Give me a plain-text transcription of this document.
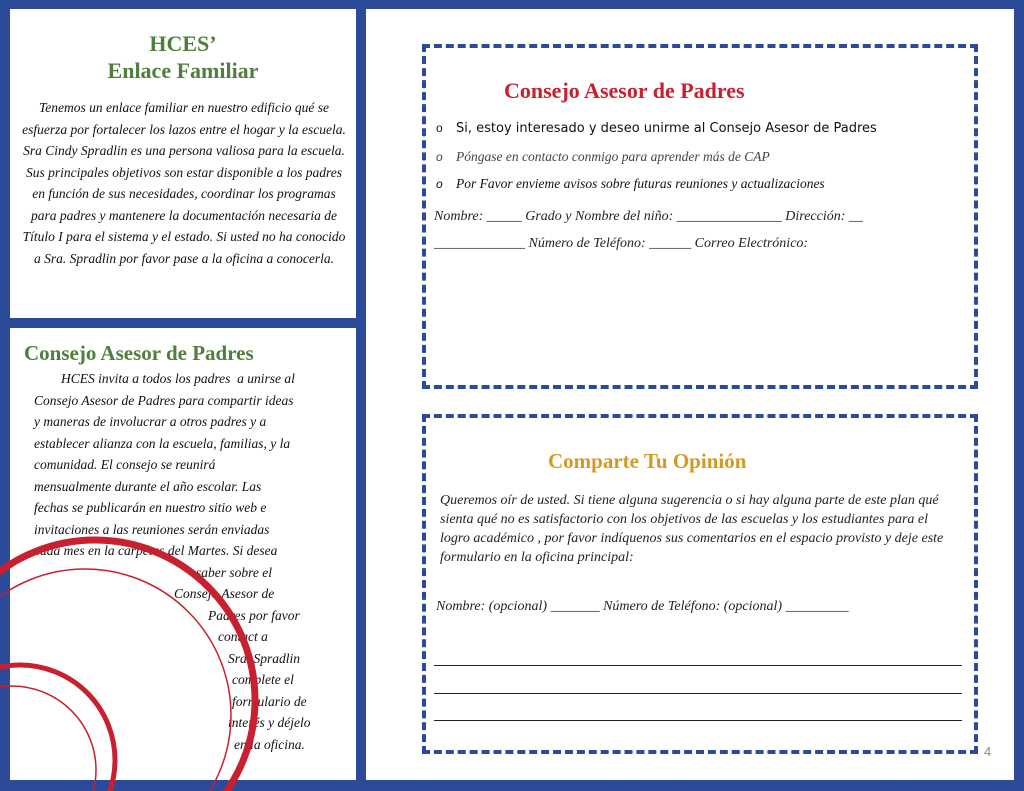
HCES’
Enlace Familiar
Tenemos un enlace familiar en nuestro edificio qué se esfuerza por fortalecer los lazos entre el hogar y la escuela. Sra Cindy Spradlin es una persona valiosa para la escuela. Sus principales objetivos son estar disponible a los padres en función de sus necesidades, coordinar los programas para padres y mantenere la documentación necesaria de Título I para el sistema y el estado. Si usted no ha conocido a Sra. Spradlin por favor pase a la oficina a conocerla.
Consejo Asesor de Padres
HCES invita a todos los padres  a unirse al
Consejo Asesor de Padres para compartir ideas
y maneras de involucrar a otros padres y a
establecer alianza con la escuela, familias, y la
comunidad. El consejo se reunirá
mensualmente durante el año escolar. Las
fechas se publicarán en nuestro sitio web e
invitaciones a las reuniones serán enviadas
cada mes en la carpetas del Martes. Si desea
saber sobre el
Consejo Asesor de
Padres por favor
contact a
Sra. Spradlin
complete el
formulario de
interés y déjelo
en la oficina.
Consejo Asesor de Padres
o Si, estoy interesado y deseo unirme al Consejo Asesor de Padres
o Póngase en contacto conmigo para aprender más de CAP
o Por Favor envieme avisos sobre futuras reuniones y actualizaciones
Nombre: _____ Grado y Nombre del niño: _______________ Dirección: __
_____________ Número de Teléfono: ______ Correo Electrónico:
Comparte Tu Opinión
Queremos oír de usted. Si tiene alguna sugerencia o si hay alguna parte de este plan qué sienta qué no es satisfactorio con los objetivos de las escuelas y los estudiantes para el logro académico , por favor indíquenos sus comentarios en el espacio provisto y deje este formulario en la oficina principal:
Nombre: (opcional) _______ Número de Teléfono: (opcional) _________
4
